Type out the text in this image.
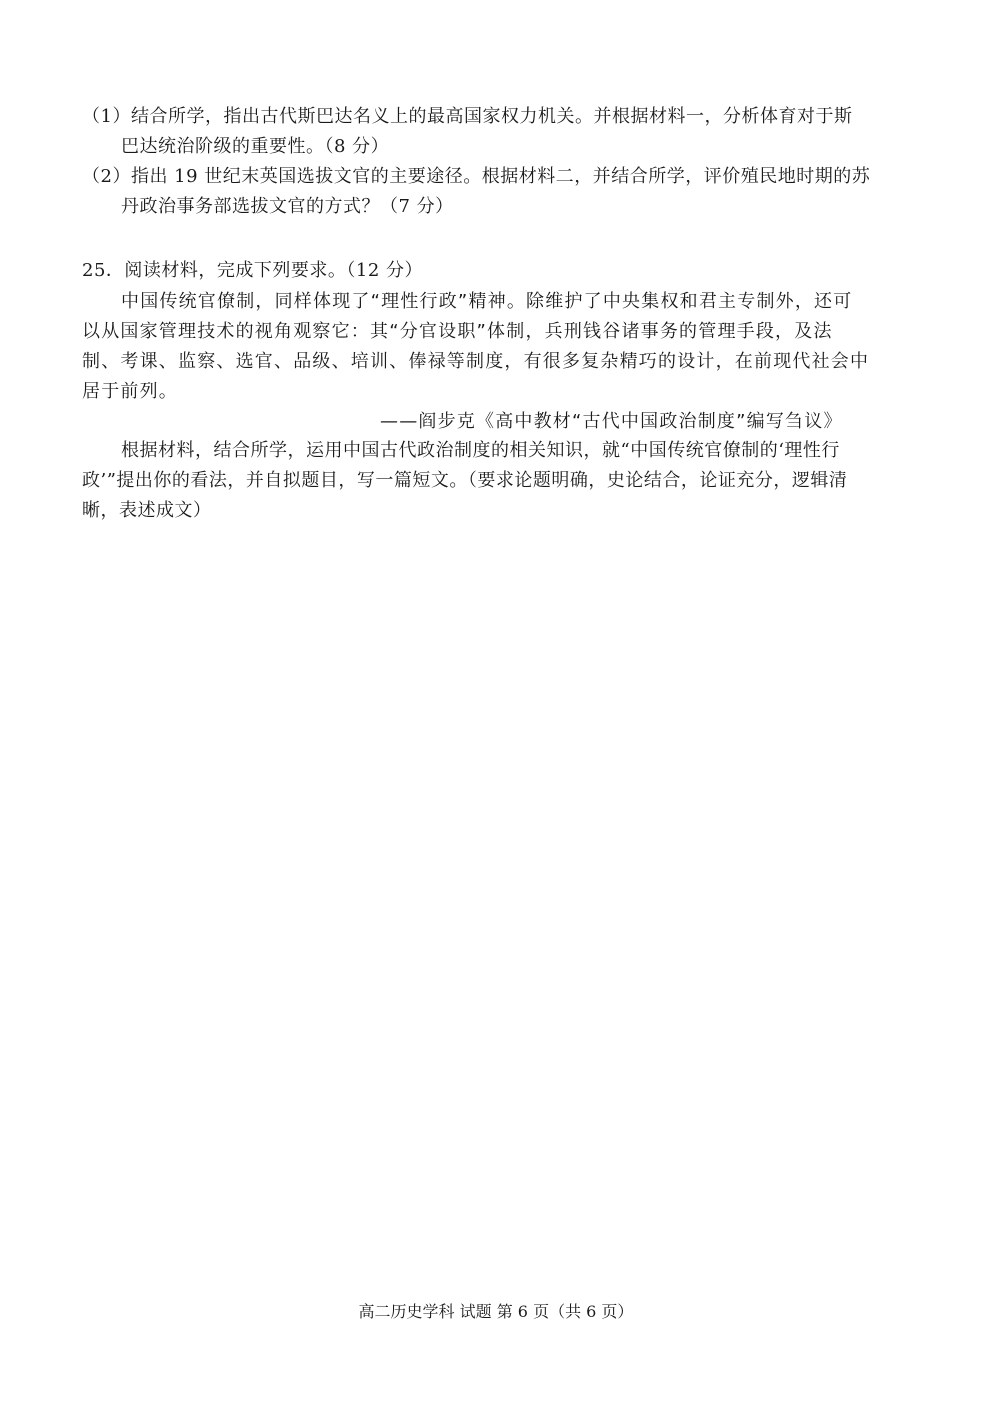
（1）结合所学，指出古代斯巴达名义上的最高国家权力机关。并根据材料一，分析体育对于斯
巴达统治阶级的重要性。（8 分）
（2）指出 19 世纪末英国选拔文官的主要途径。根据材料二，并结合所学，评价殖民地时期的苏
丹政治事务部选拔文官的方式？（7 分）
25．阅读材料，完成下列要求。（12 分）
中国传统官僚制，同样体现了“理性行政”精神。除维护了中央集权和君主专制外，还可
以从国家管理技术的视角观察它：其“分官设职”体制，兵刑钱谷诸事务的管理手段，及法
制、考课、监察、选官、品级、培训、俸禄等制度，有很多复杂精巧的设计，在前现代社会中
居于前列。
——阎步克《高中教材“古代中国政治制度”编写刍议》
根据材料，结合所学，运用中国古代政治制度的相关知识，就“中国传统官僚制的‘理性行
政’”提出你的看法，并自拟题目，写一篇短文。（要求论题明确，史论结合，论证充分，逻辑清
晰，表述成文）
高二历史学科 试题 第 6 页（共 6 页）
